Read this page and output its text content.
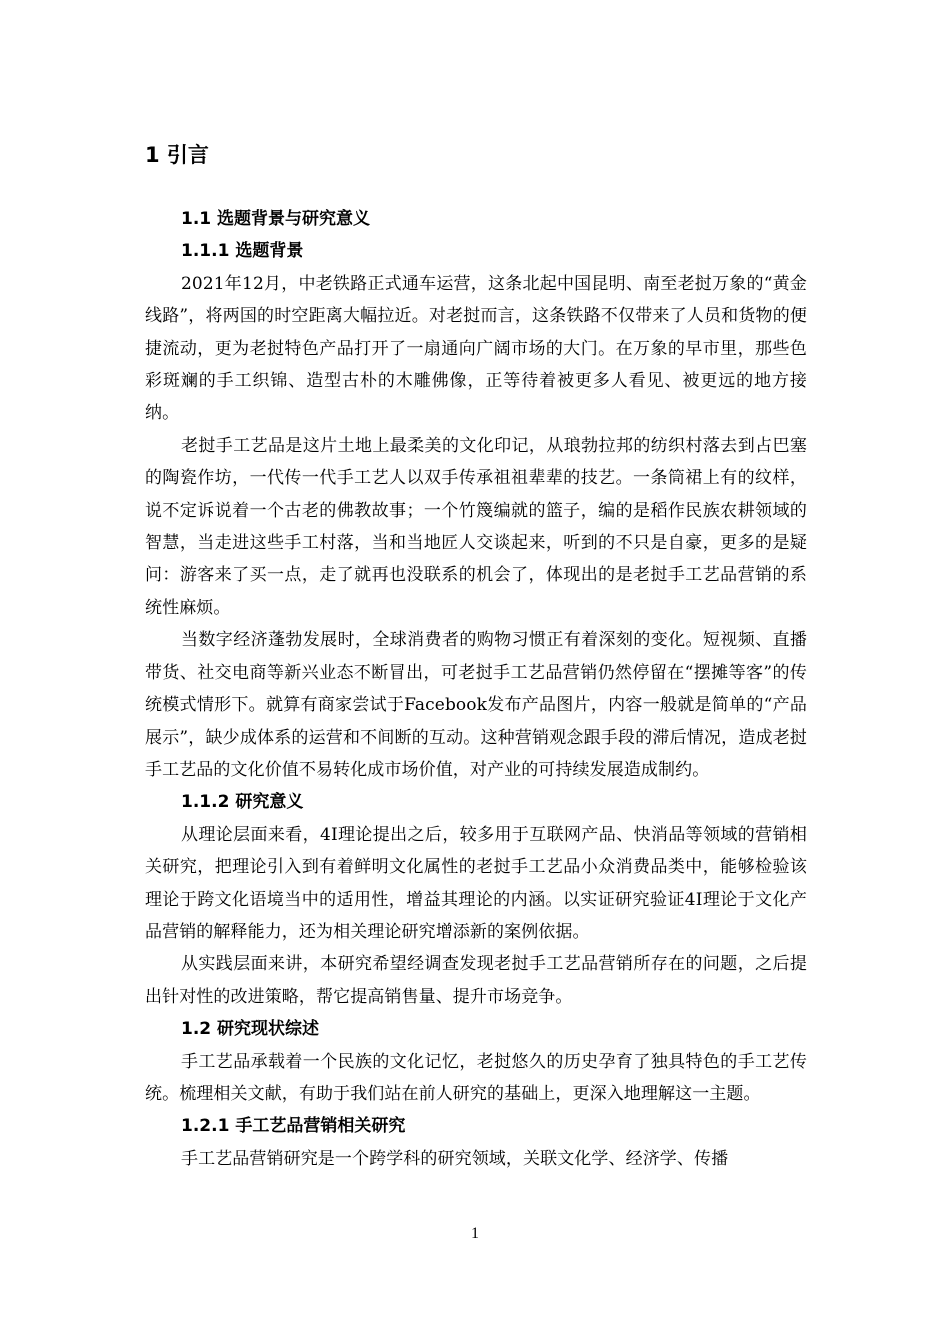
1 引言
1.1 选题背景与研究意义
1.1.1 选题背景

2021年12月，中老铁路正式通车运营，这条北起中国昆明、南至老挝万象的“黄金线路”，将两国的时空距离大幅拉近。对老挝而言，这条铁路不仅带来了人员和货物的便捷流动，更为老挝特色产品打开了一扇通向广阔市场的大门。在万象的早市里，那些色彩斑斓的手工织锦、造型古朴的木雕佛像，正等待着被更多人看见、被更远的地方接纳。

老挝手工艺品是这片土地上最柔美的文化印记，从琅勃拉邦的纺织村落去到占巴塞的陶瓷作坊，一代传一代手工艺人以双手传承祖祖辈辈的技艺。一条筒裙上有的纹样，说不定诉说着一个古老的佛教故事；一个竹篾编就的篮子，编的是稻作民族农耕领域的智慧，当走进这些手工村落，当和当地匠人交谈起来，听到的不只是自豪，更多的是疑问：游客来了买一点，走了就再也没联系的机会了，体现出的是老挝手工艺品营销的系统性麻烦。

当数字经济蓬勃发展时，全球消费者的购物习惯正有着深刻的变化。短视频、直播带货、社交电商等新兴业态不断冒出，可老挝手工艺品营销仍然停留在“摆摊等客”的传统模式情形下。就算有商家尝试于Facebook发布产品图片，内容一般就是简单的“产品展示”，缺少成体系的运营和不间断的互动。这种营销观念跟手段的滞后情况，造成老挝手工艺品的文化价值不易转化成市场价值，对产业的可持续发展造成制约。

1.1.2 研究意义

从理论层面来看，4I理论提出之后，较多用于互联网产品、快消品等领域的营销相关研究，把理论引入到有着鲜明文化属性的老挝手工艺品小众消费品类中，能够检验该理论于跨文化语境当中的适用性，增益其理论的内涵。以实证研究验证4I理论于文化产品营销的解释能力，还为相关理论研究增添新的案例依据。

从实践层面来讲，本研究希望经调查发现老挝手工艺品营销所存在的问题，之后提出针对性的改进策略，帮它提高销售量、提升市场竞争。

1.2 研究现状综述

手工艺品承载着一个民族的文化记忆，老挝悠久的历史孕育了独具特色的手工艺传统。梳理相关文献，有助于我们站在前人研究的基础上，更深入地理解这一主题。

1.2.1 手工艺品营销相关研究

手工艺品营销研究是一个跨学科的研究领域，关联文化学、经济学、传播

1
